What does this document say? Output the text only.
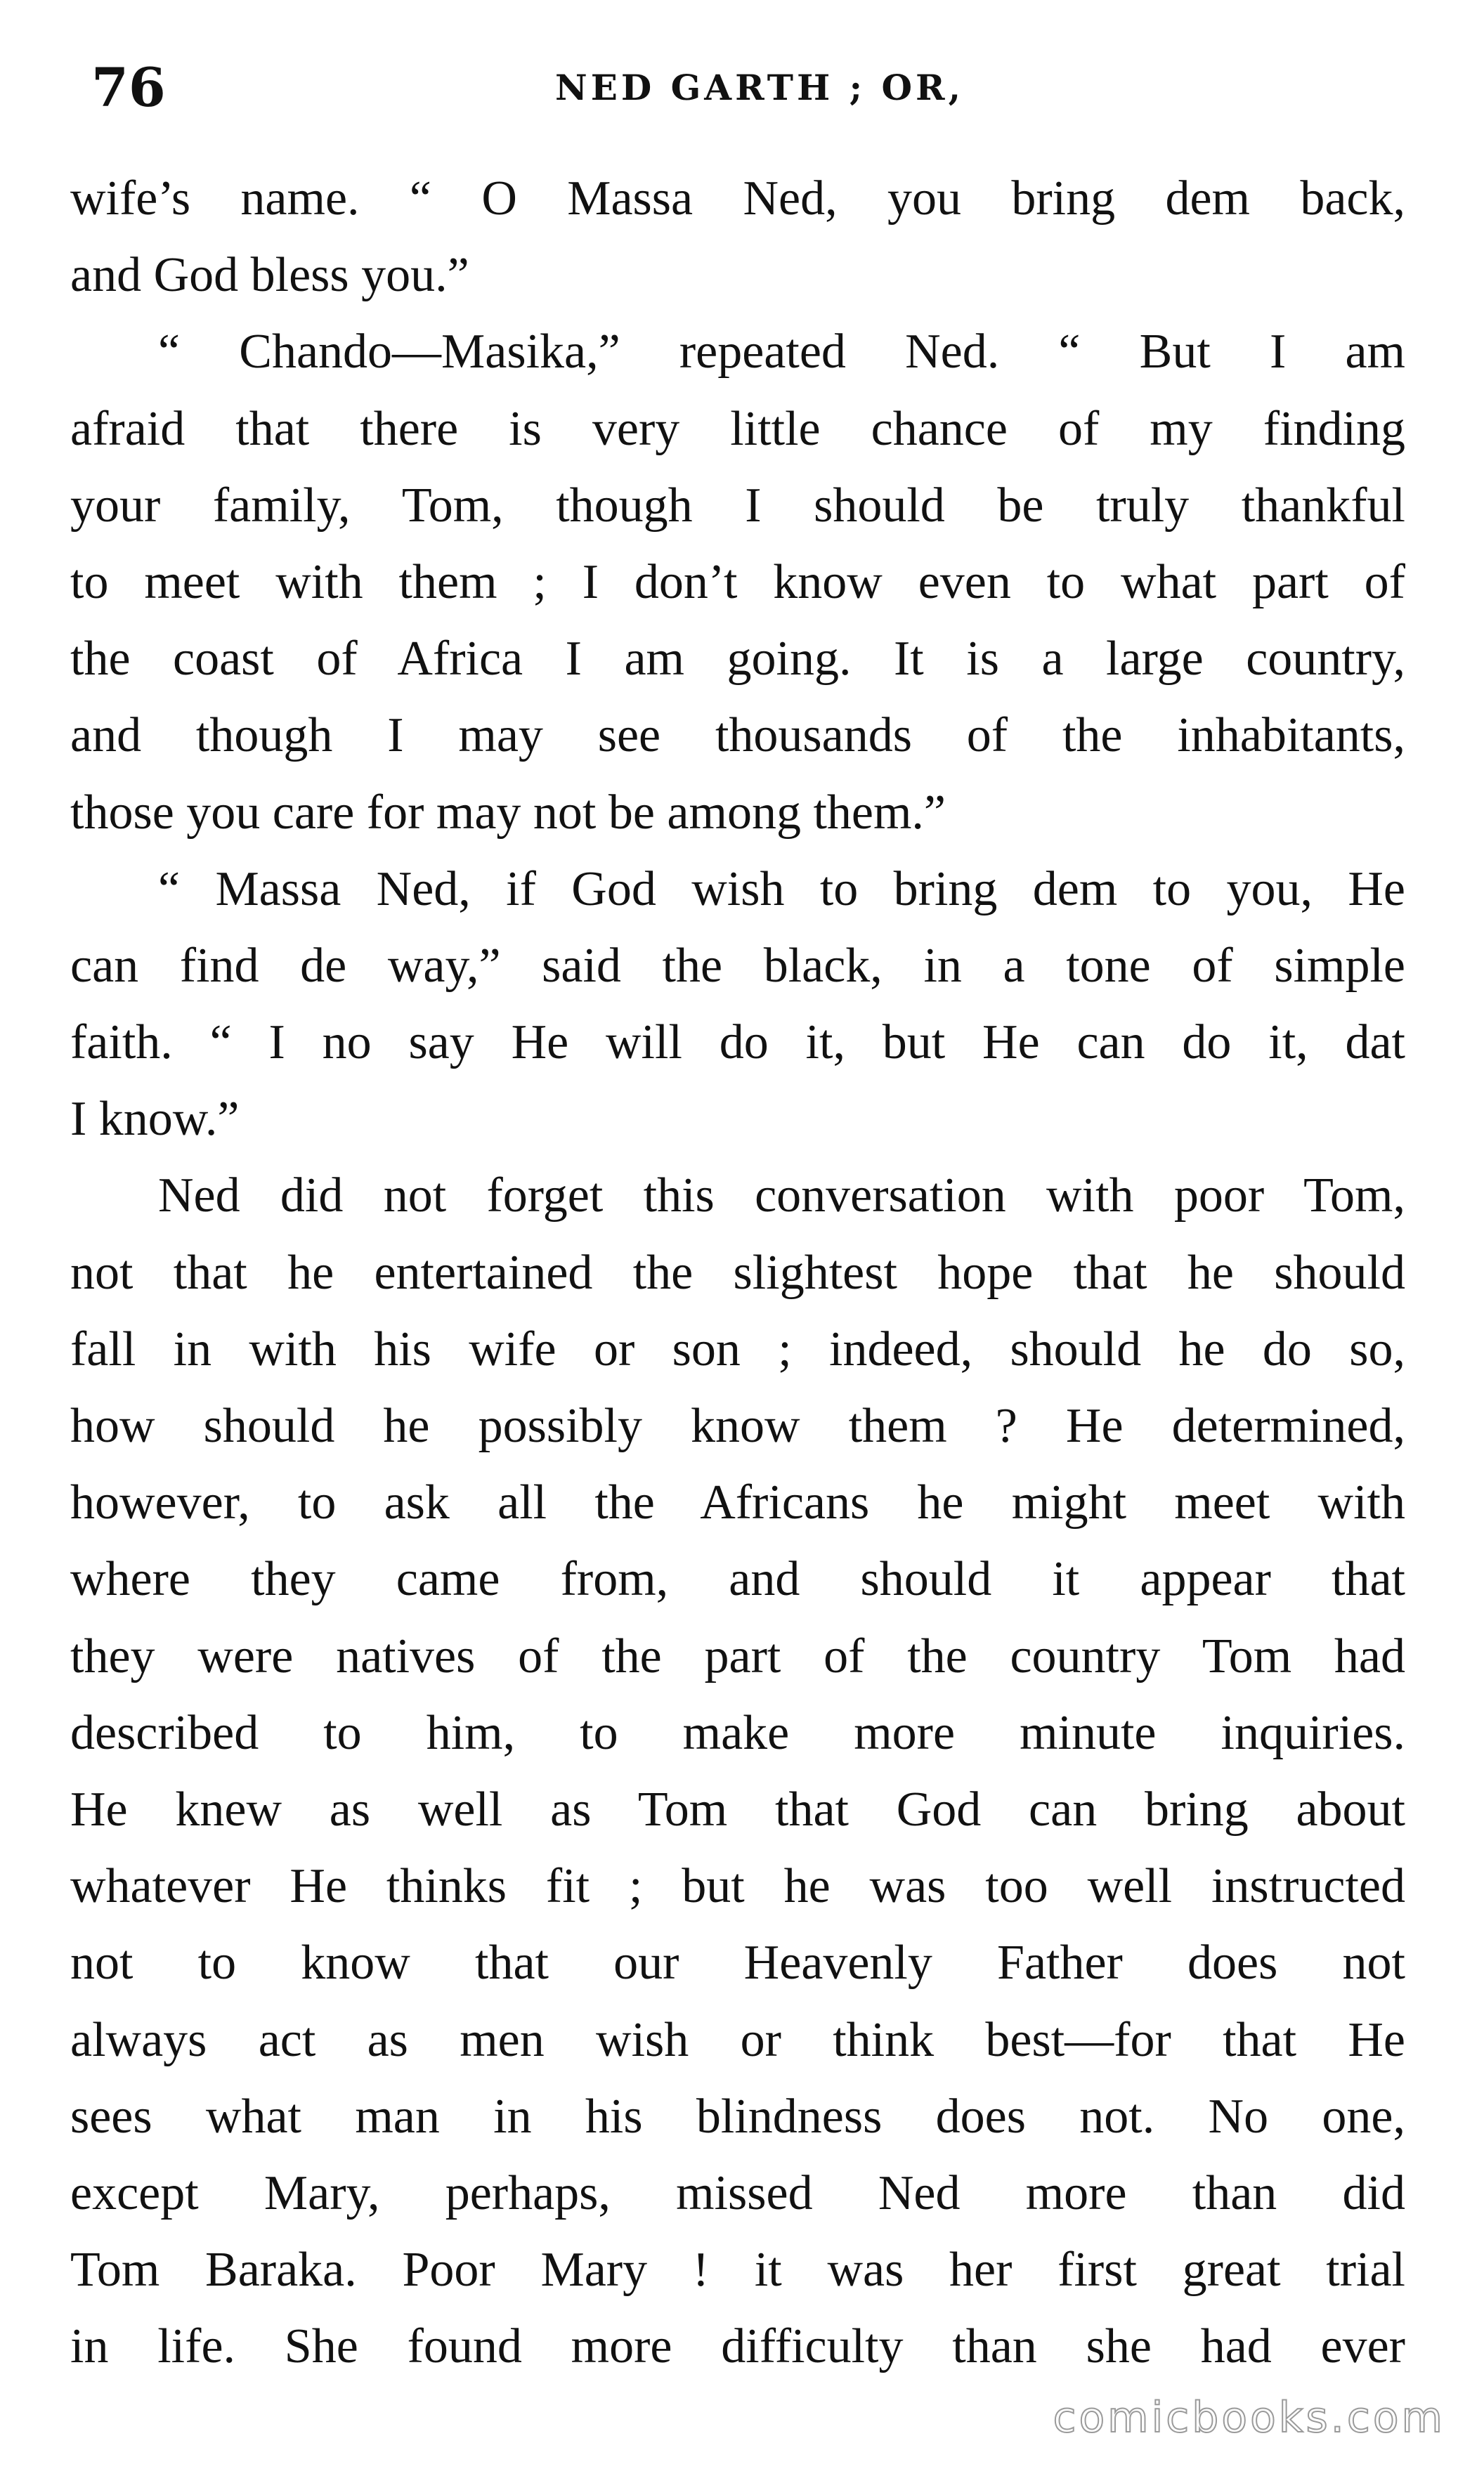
76	NED GARTH ; OR,
wife’s name. “ O Massa Ned, you bring dem back,
and God bless you.”
“ Chando—Masika,” repeated Ned. “ But I am
afraid that there is very little chance of my finding
your family, Tom, though I should be truly thankful
to meet with them ; I don’t know even to what part of
the coast of Africa I am going. It is a large country,
and though I may see thousands of the inhabitants,
those you care for may not be among them.”
“ Massa Ned, if God wish to bring dem to you, He
can find de way,” said the black, in a tone of simple
faith. “ I no say He will do it, but He can do it, dat
I know.”
Ned did not forget this conversation with poor Tom,
not that he entertained the slightest hope that he should
fall in with his wife or son ; indeed, should he do so,
how should he possibly know them ? He determined,
however, to ask all the Africans he might meet with
where they came from, and should it appear that
they were natives of the part of the country Tom had
described to him, to make more minute inquiries.
He knew as well as Tom that God can bring about
whatever He thinks fit ; but he was too well instructed
not to know that our Heavenly Father does not
always act as men wish or think best—for that He
sees what man in his blindness does not. No one,
except Mary, perhaps, missed Ned more than did
Tom Baraka. Poor Mary ! it was her first great trial
in life. She found more difficulty than she had ever
comicbooks.com
